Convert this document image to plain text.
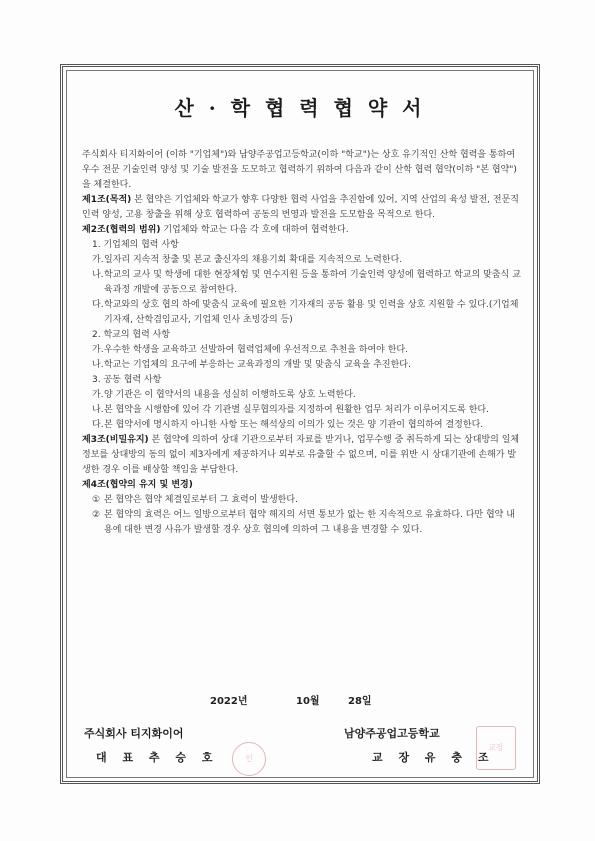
산 · 학 협 력 협 약 서

주식회사 티지화이어 (이하 "기업체")와 남양주공업고등학교(이하 "학교")는 상호 유기적인 산학 협력을 통하여 우수 전문 기술인력 양성 및 기술 발전을 도모하고 협력하기 위하여 다음과 같이 산학 협력 협약(이하 "본 협약")을 체결한다.

제1조(목적) 본 협약은 기업체와 학교가 향후 다양한 협력 사업을 추진함에 있어, 지역 산업의 육성 발전, 전문직인력 양성, 고용 창출을 위해 상호 협력하여 공동의 번영과 발전을 도모함을 목적으로 한다.

제2조(협력의 범위) 기업체와 학교는 다음 각 호에 대하여 협력한다.

1. 기업체의 협력 사항

가.일자리 지속적 창출 및 본교 출신자의 채용기회 확대를 지속적으로 노력한다.

나.학교의 교사 및 학생에 대한 현장체험 및 연수지원 등을 통하여 기술인력 양성에 협력하고 학교의 맞춤식 교육과정 개발에 공동으로 참여한다.

다.학교와의 상호 협의 하에 맞춤식 교육에 필요한 기자재의 공동 활용 및 인력을 상호 지원할 수 있다.(기업체 기자재, 산학겸임교사, 기업체 인사 초빙강의 등)

2. 학교의 협력 사항

가.우수한 학생을 교육하고 선발하여 협력업체에 우선적으로 추천을 하여야 한다.

나.학교는 기업체의 요구에 부응하는 교육과정의 개발 및 맞춤식 교육을 추진한다.

3. 공동 협력 사항

가.양 기관은 이 협약서의 내용을 성실히 이행하도록 상호 노력한다.

나.본 협약을 시행함에 있어 각 기관별 실무협의자를 지정하여 원활한 업무 처리가 이루어지도록 한다.

다.본 협약서에 명시하지 아니한 사항 또는 해석상의 이의가 있는 것은 양 기관이 협의하여 결정한다.

제3조(비밀유지) 본 협약에 의하여 상대 기관으로부터 자료를 받거나, 업무수행 중 취득하게 되는 상대방의 일체 정보를 상대방의 동의 없이 제3자에게 제공하거나 외부로 유출할 수 없으며, 이를 위반 시 상대기관에 손해가 발생한 경우 이를 배상할 책임을 부담한다.

제4조(협약의 유지 및 변경)

① 본 협약은 협약 체결일로부터 그 효력이 발생한다.

② 본 협약의 효력은 어느 일방으로부터 협약 해지의 서면 통보가 없는 한 지속적으로 유효하다. 다만 협약 내용에 대한 변경 사유가 발생할 경우 상호 협의에 의하여 그 내용을 변경할 수 있다.

2022년	10월	28일
주식회사 티지화이어
대 표 추 승 호
남양주공업고등학교
교 장 유 충 조
인
교장
